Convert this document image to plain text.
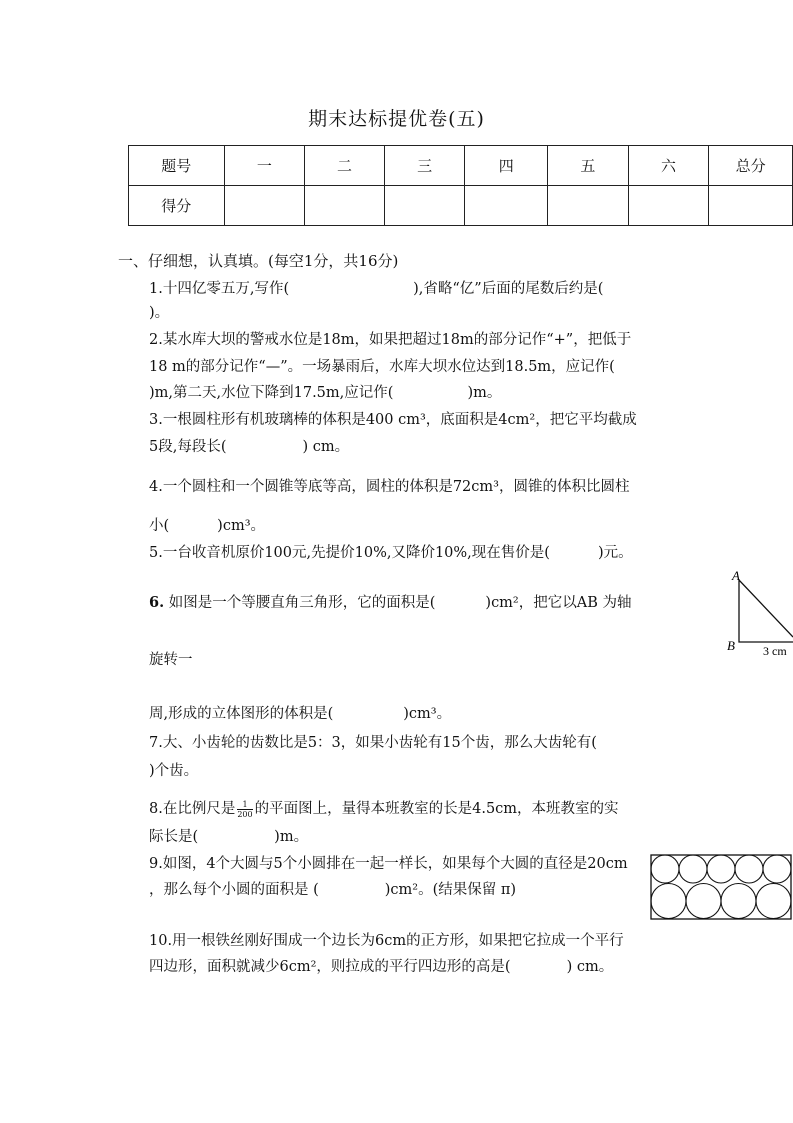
期末达标提优卷(五)
题号	一	二	三	四	五	六	总分
得分							
一、仔细想，认真填。(每空1分，共16分)
1.十四亿零五万,写作(	),省略“亿”后面的尾数后约是(
)。
2.某水库大坝的警戒水位是18m，如果把超过18m的部分记作“+”，把低于
18 m的部分记作“—”。一场暴雨后，水库大坝水位达到18.5m，应记作(
)m,第二天,水位下降到17.5m,应记作(	)m。
3.一根圆柱形有机玻璃棒的体积是400 cm³，底面积是4cm²，把它平均截成
5段,每段长(	) cm。
4.一个圆柱和一个圆锥等底等高，圆柱的体积是72cm³，圆锥的体积比圆柱
小(	)cm³。
5.一台收音机原价100元,先提价10%,又降价10%,现在售价是(	)元。
6. 如图是一个等腰直角三角形，它的面积是(	)cm²，把它以AB 为轴
旋转一
周,形成的立体图形的体积是(	)cm³。
A
B 3 cm
7.大、小齿轮的齿数比是5：3，如果小齿轮有15个齿，那么大齿轮有(
)个齿。
8.在比例尺是 $\frac{1}{200}$ 的平面图上，量得本班教室的长是4.5cm，本班教室的实
际长是(	)m。
9.如图，4个大圆与5个小圆排在一起一样长，如果每个大圆的直径是20cm
，那么每个小圆的面积是 (	)cm²。(结果保留 π)
10.用一根铁丝刚好围成一个边长为6cm的正方形，如果把它拉成一个平行
四边形，面积就减少6cm²，则拉成的平行四边形的高是(	) cm。
